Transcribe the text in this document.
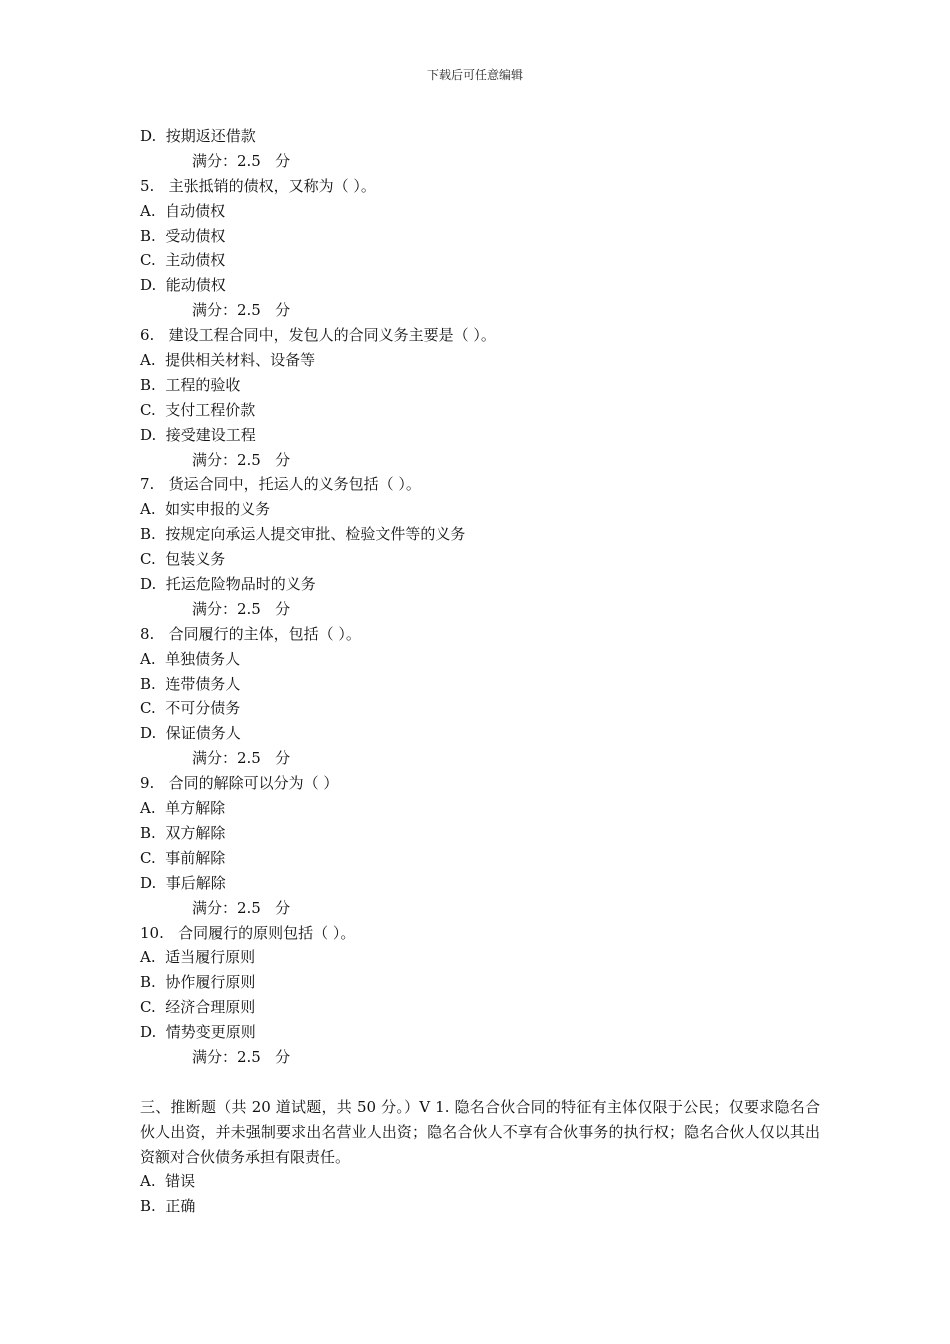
下载后可任意编辑
D.  按期返还借款
满分：2.5   分
5.   主张抵销的债权，又称为（ ）。
A.  自动债权
B.  受动债权
C.  主动债权
D.  能动债权
满分：2.5   分
6.   建设工程合同中，发包人的合同义务主要是（ ）。
A.  提供相关材料、设备等
B.  工程的验收
C.  支付工程价款
D.  接受建设工程
满分：2.5   分
7.   货运合同中，托运人的义务包括（ ）。
A.  如实申报的义务
B.  按规定向承运人提交审批、检验文件等的义务
C.  包装义务
D.  托运危险物品时的义务
满分：2.5   分
8.   合同履行的主体，包括（ ）。
A.  单独债务人
B.  连带债务人
C.  不可分债务
D.  保证债务人
满分：2.5   分
9.   合同的解除可以分为（ ）
A.  单方解除
B.  双方解除
C.  事前解除
D.  事后解除
满分：2.5   分
10.   合同履行的原则包括（ ）。
A.  适当履行原则
B.  协作履行原则
C.  经济合理原则
D.  情势变更原则
满分：2.5   分
三、推断题（共 20 道试题，共 50 分。）V 1. 隐名合伙合同的特征有主体仅限于公民；仅要求隐名合伙人出资，并未强制要求出名营业人出资；隐名合伙人不享有合伙事务的执行权；隐名合伙人仅以其出资额对合伙债务承担有限责任。
A.  错误
B.  正确
